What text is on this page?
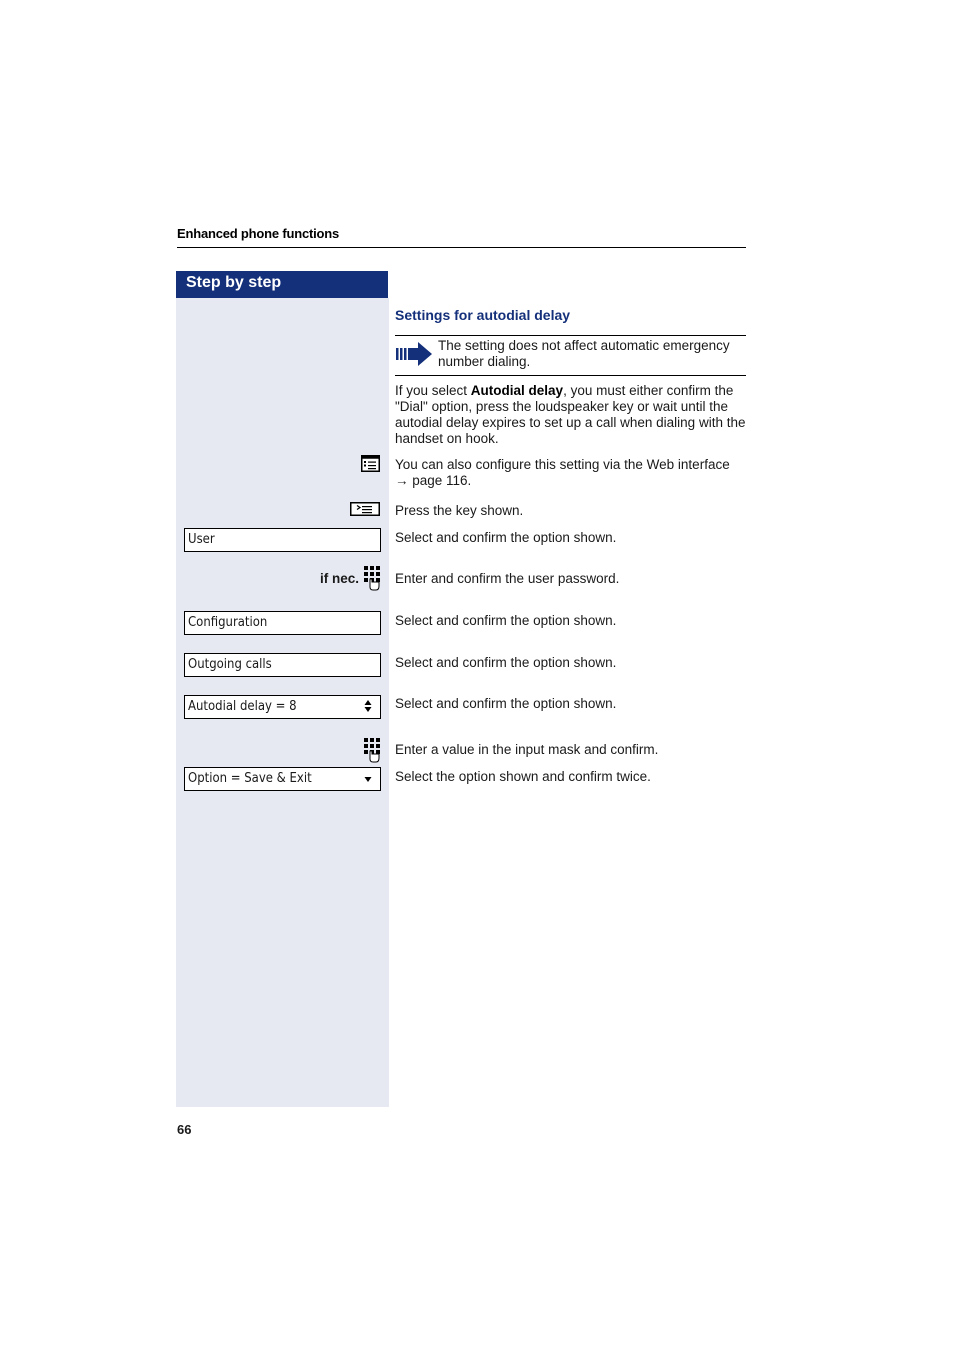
Enhanced phone functions
Step by step
Settings for autodial delay
The setting does not affect automatic emergency number dialing.
If you select Autodial delay, you must either confirm the "Dial" option, press the loudspeaker key or wait until the autodial delay expires to set up a call when dialing with the handset on hook.
You can also configure this setting via the Web interface
→ page 116.
Press the key shown.
User	Select and confirm the option shown.
if nec.	Enter and confirm the user password.
Configuration	Select and confirm the option shown.
Outgoing calls	Select and confirm the option shown.
Autodial delay = 8	Select and confirm the option shown.
Enter a value in the input mask and confirm.
Option = Save & Exit	Select the option shown and confirm twice.
66
